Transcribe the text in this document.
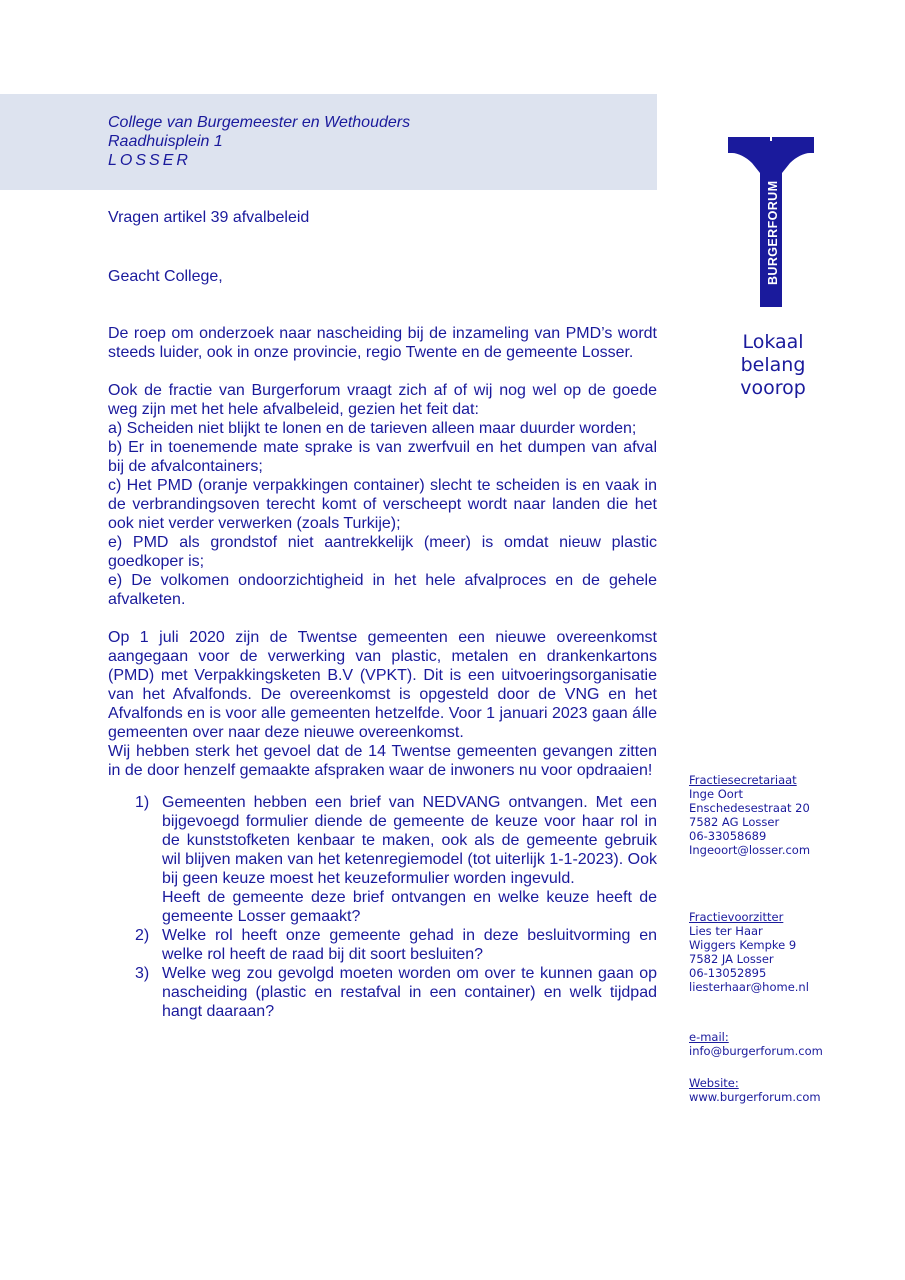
College van Burgemeester en Wethouders
Raadhuisplein 1
LOSSER
Vragen artikel 39 afvalbeleid
Geacht College,

De roep om onderzoek naar nascheiding bij de inzameling van PMD’s wordt steeds luider, ook in onze provincie, regio Twente en de gemeente Losser.

Ook de fractie van Burgerforum vraagt zich af of wij nog wel op de goede weg zijn met het hele afvalbeleid, gezien het feit dat:

a) Scheiden niet blijkt te lonen en de tarieven alleen maar duurder worden;

b) Er in toenemende mate sprake is van zwerfvuil en het dumpen van afval bij de afvalcontainers;

c) Het PMD (oranje verpakkingen container) slecht te scheiden is en vaak in de verbrandingsoven terecht komt of verscheept wordt naar landen die het ook niet verder verwerken (zoals Turkije);

e) PMD als grondstof niet aantrekkelijk (meer) is omdat nieuw plastic goedkoper is;

e) De volkomen ondoorzichtigheid in het hele afvalproces en de gehele afvalketen.

Op 1 juli 2020 zijn de Twentse gemeenten een nieuwe overeenkomst aangegaan voor de verwerking van plastic, metalen en drankenkartons (PMD) met Verpakkingsketen B.V (VPKT). Dit is een uitvoeringsorganisatie van het Afvalfonds. De overeenkomst is opgesteld door de VNG en het Afvalfonds en is voor alle gemeenten hetzelfde. Voor 1 januari 2023 gaan álle gemeenten over naar deze nieuwe overeenkomst.

Wij hebben sterk het gevoel dat de 14 Twentse gemeenten gevangen zitten in de door henzelf gemaakte afspraken waar de inwoners nu voor opdraaien!

1) Gemeenten hebben een brief van NEDVANG ontvangen. Met een bijgevoegd formulier diende de gemeente de keuze voor haar rol in de kunststofketen kenbaar te maken, ook als de gemeente gebruik wil blijven maken van het ketenregiemodel (tot uiterlijk 1-1-2023). Ook bij geen keuze moest het keuzeformulier worden ingevuld.
Heeft de gemeente deze brief ontvangen en welke keuze heeft de gemeente Losser gemaakt?
2) Welke rol heeft onze gemeente gehad in deze besluitvorming en welke rol heeft de raad bij dit soort besluiten?
3) Welke weg zou gevolgd moeten worden om over te kunnen gaan op nascheiding (plastic en restafval in een container) en welk tijdpad hangt daaraan?
BURGERFORUM
Lokaal
belang
voorop
Fractiesecretariaat
Inge Oort
Enschedesestraat 20
7582 AG Losser
06-33058689
Ingeoort@losser.com
Fractievoorzitter
Lies ter Haar
Wiggers Kempke 9
7582 JA Losser
06-13052895
liesterhaar@home.nl
e-mail:
info@burgerforum.com
Website:
www.burgerforum.com
